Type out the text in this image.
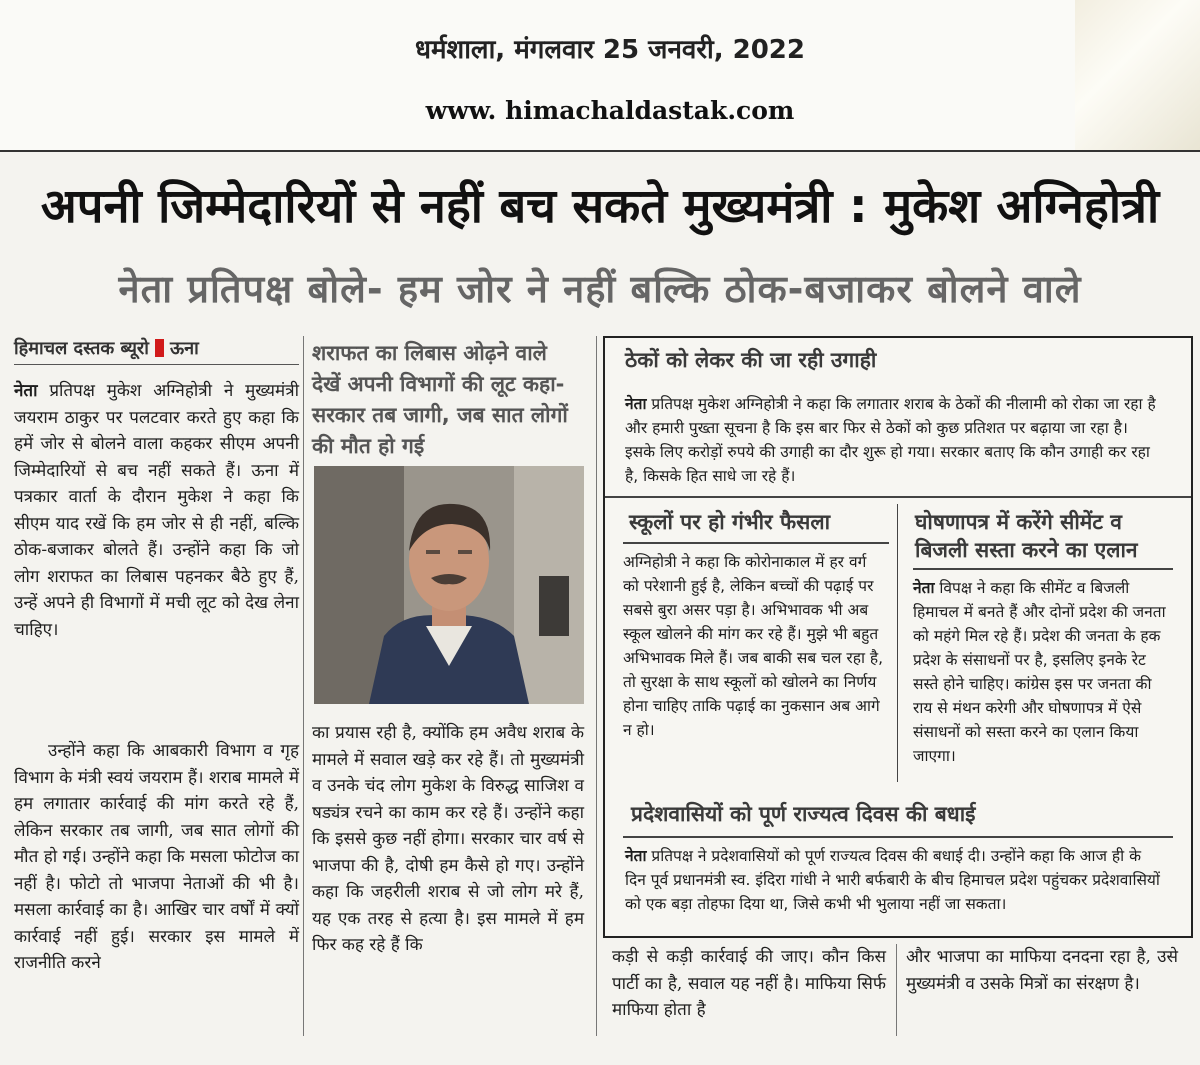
धर्मशाला, मंगलवार 25 जनवरी, 2022
www. himachaldastak.com
अपनी जिम्मेदारियों से नहीं बच सकते मुख्यमंत्री : मुकेश अग्निहोत्री
नेता प्रतिपक्ष बोले- हम जोर ने नहीं बल्कि ठोक-बजाकर बोलने वाले
हिमाचल दस्तक ब्यूरो ऊना

नेता प्रतिपक्ष मुकेश अग्निहोत्री ने मुख्यमंत्री जयराम ठाकुर पर पलटवार करते हुए कहा कि हमें जोर से बोलने वाला कहकर सीएम अपनी जिम्मेदारियों से बच नहीं सकते हैं। ऊना में पत्रकार वार्ता के दौरान मुकेश ने कहा कि सीएम याद रखें कि हम जोर से ही नहीं, बल्कि ठोक-बजाकर बोलते हैं। उन्होंने कहा कि जो लोग शराफत का लिबास पहनकर बैठे हुए हैं, उन्हें अपने ही विभागों में मची लूट को देख लेना चाहिए।

उन्होंने कहा कि आबकारी विभाग व गृह विभाग के मंत्री स्वयं जयराम हैं। शराब मामले में हम लगातार कार्रवाई की मांग करते रहे हैं, लेकिन सरकार तब जागी, जब सात लोगों की मौत हो गई। उन्होंने कहा कि मसला फोटोज का नहीं है। फोटो तो भाजपा नेताओं की भी है। मसला कार्रवाई का है। आखिर चार वर्षों में क्यों कार्रवाई नहीं हुई। सरकार इस मामले में राजनीति करने

शराफत का लिबास ओढ़ने वाले देखें अपनी विभागों की लूट कहा- सरकार तब जागी, जब सात लोगों की मौत हो गई

का प्रयास रही है, क्योंकि हम अवैध शराब के मामले में सवाल खड़े कर रहे हैं। तो मुख्यमंत्री व उनके चंद लोग मुकेश के विरुद्ध साजिश व षड्यंत्र रचने का काम कर रहे हैं। उन्होंने कहा कि इससे कुछ नहीं होगा। सरकार चार वर्ष से भाजपा की है, दोषी हम कैसे हो गए। उन्होंने कहा कि जहरीली शराब से जो लोग मरे हैं, यह एक तरह से हत्या है। इस मामले में हम फिर कह रहे हैं कि

ठेकों को लेकर की जा रही उगाही
नेता प्रतिपक्ष मुकेश अग्निहोत्री ने कहा कि लगातार शराब के ठेकों की नीलामी को रोका जा रहा है और हमारी पुख्ता सूचना है कि इस बार फिर से ठेकों को कुछ प्रतिशत पर बढ़ाया जा रहा है। इसके लिए करोड़ों रुपये की उगाही का दौर शुरू हो गया। सरकार बताए कि कौन उगाही कर रहा है, किसके हित साधे जा रहे हैं।
स्कूलों पर हो गंभीर फैसला
अग्निहोत्री ने कहा कि कोरोनाकाल में हर वर्ग को परेशानी हुई है, लेकिन बच्चों की पढ़ाई पर सबसे बुरा असर पड़ा है। अभिभावक भी अब स्कूल खोलने की मांग कर रहे हैं। मुझे भी बहुत अभिभावक मिले हैं। जब बाकी सब चल रहा है, तो सुरक्षा के साथ स्कूलों को खोलने का निर्णय होना चाहिए ताकि पढ़ाई का नुकसान अब आगे न हो।
घोषणापत्र में करेंगे सीमेंट व बिजली सस्ता करने का एलान
नेता विपक्ष ने कहा कि सीमेंट व बिजली हिमाचल में बनते हैं और दोनों प्रदेश की जनता को महंगे मिल रहे हैं। प्रदेश की जनता के हक प्रदेश के संसाधनों पर है, इसलिए इनके रेट सस्ते होने चाहिए। कांग्रेस इस पर जनता की राय से मंथन करेगी और घोषणापत्र में ऐसे संसाधनों को सस्ता करने का एलान किया जाएगा।
प्रदेशवासियों को पूर्ण राज्यत्व दिवस की बधाई
नेता प्रतिपक्ष ने प्रदेशवासियों को पूर्ण राज्यत्व दिवस की बधाई दी। उन्होंने कहा कि आज ही के दिन पूर्व प्रधानमंत्री स्व. इंदिरा गांधी ने भारी बर्फबारी के बीच हिमाचल प्रदेश पहुंचकर प्रदेशवासियों को एक बड़ा तोहफा दिया था, जिसे कभी भी भुलाया नहीं जा सकता।

कड़ी से कड़ी कार्रवाई की जाए। कौन किस पार्टी का है, सवाल यह नहीं है। माफिया सिर्फ माफिया होता है

और भाजपा का माफिया दनदना रहा है, उसे मुख्यमंत्री व उसके मित्रों का संरक्षण है।
